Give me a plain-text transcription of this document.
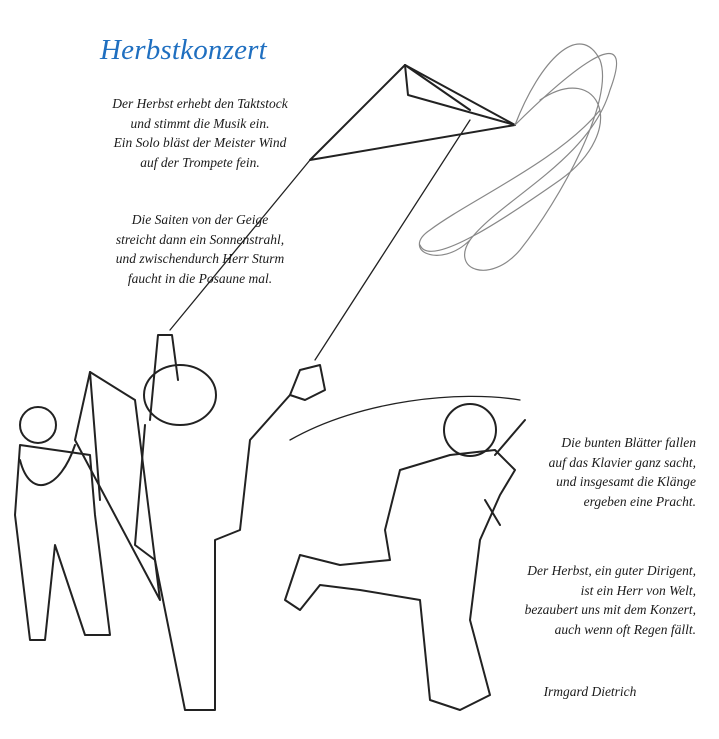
Herbstkonzert
Der Herbst erhebt den Taktstock
und stimmt die Musik ein.
Ein Solo bläst der Meister Wind
auf der Trompete fein.
Die Saiten von der Geige
streicht dann ein Sonnenstrahl,
und zwischendurch Herr Sturm
faucht in die Posaune mal.
Die bunten Blätter fallen
auf das Klavier ganz sacht,
und insgesamt die Klänge
ergeben eine Pracht.
Der Herbst, ein guter Dirigent,
ist ein Herr von Welt,
bezaubert uns mit dem Konzert,
auch wenn oft Regen fällt.
Irmgard Dietrich
